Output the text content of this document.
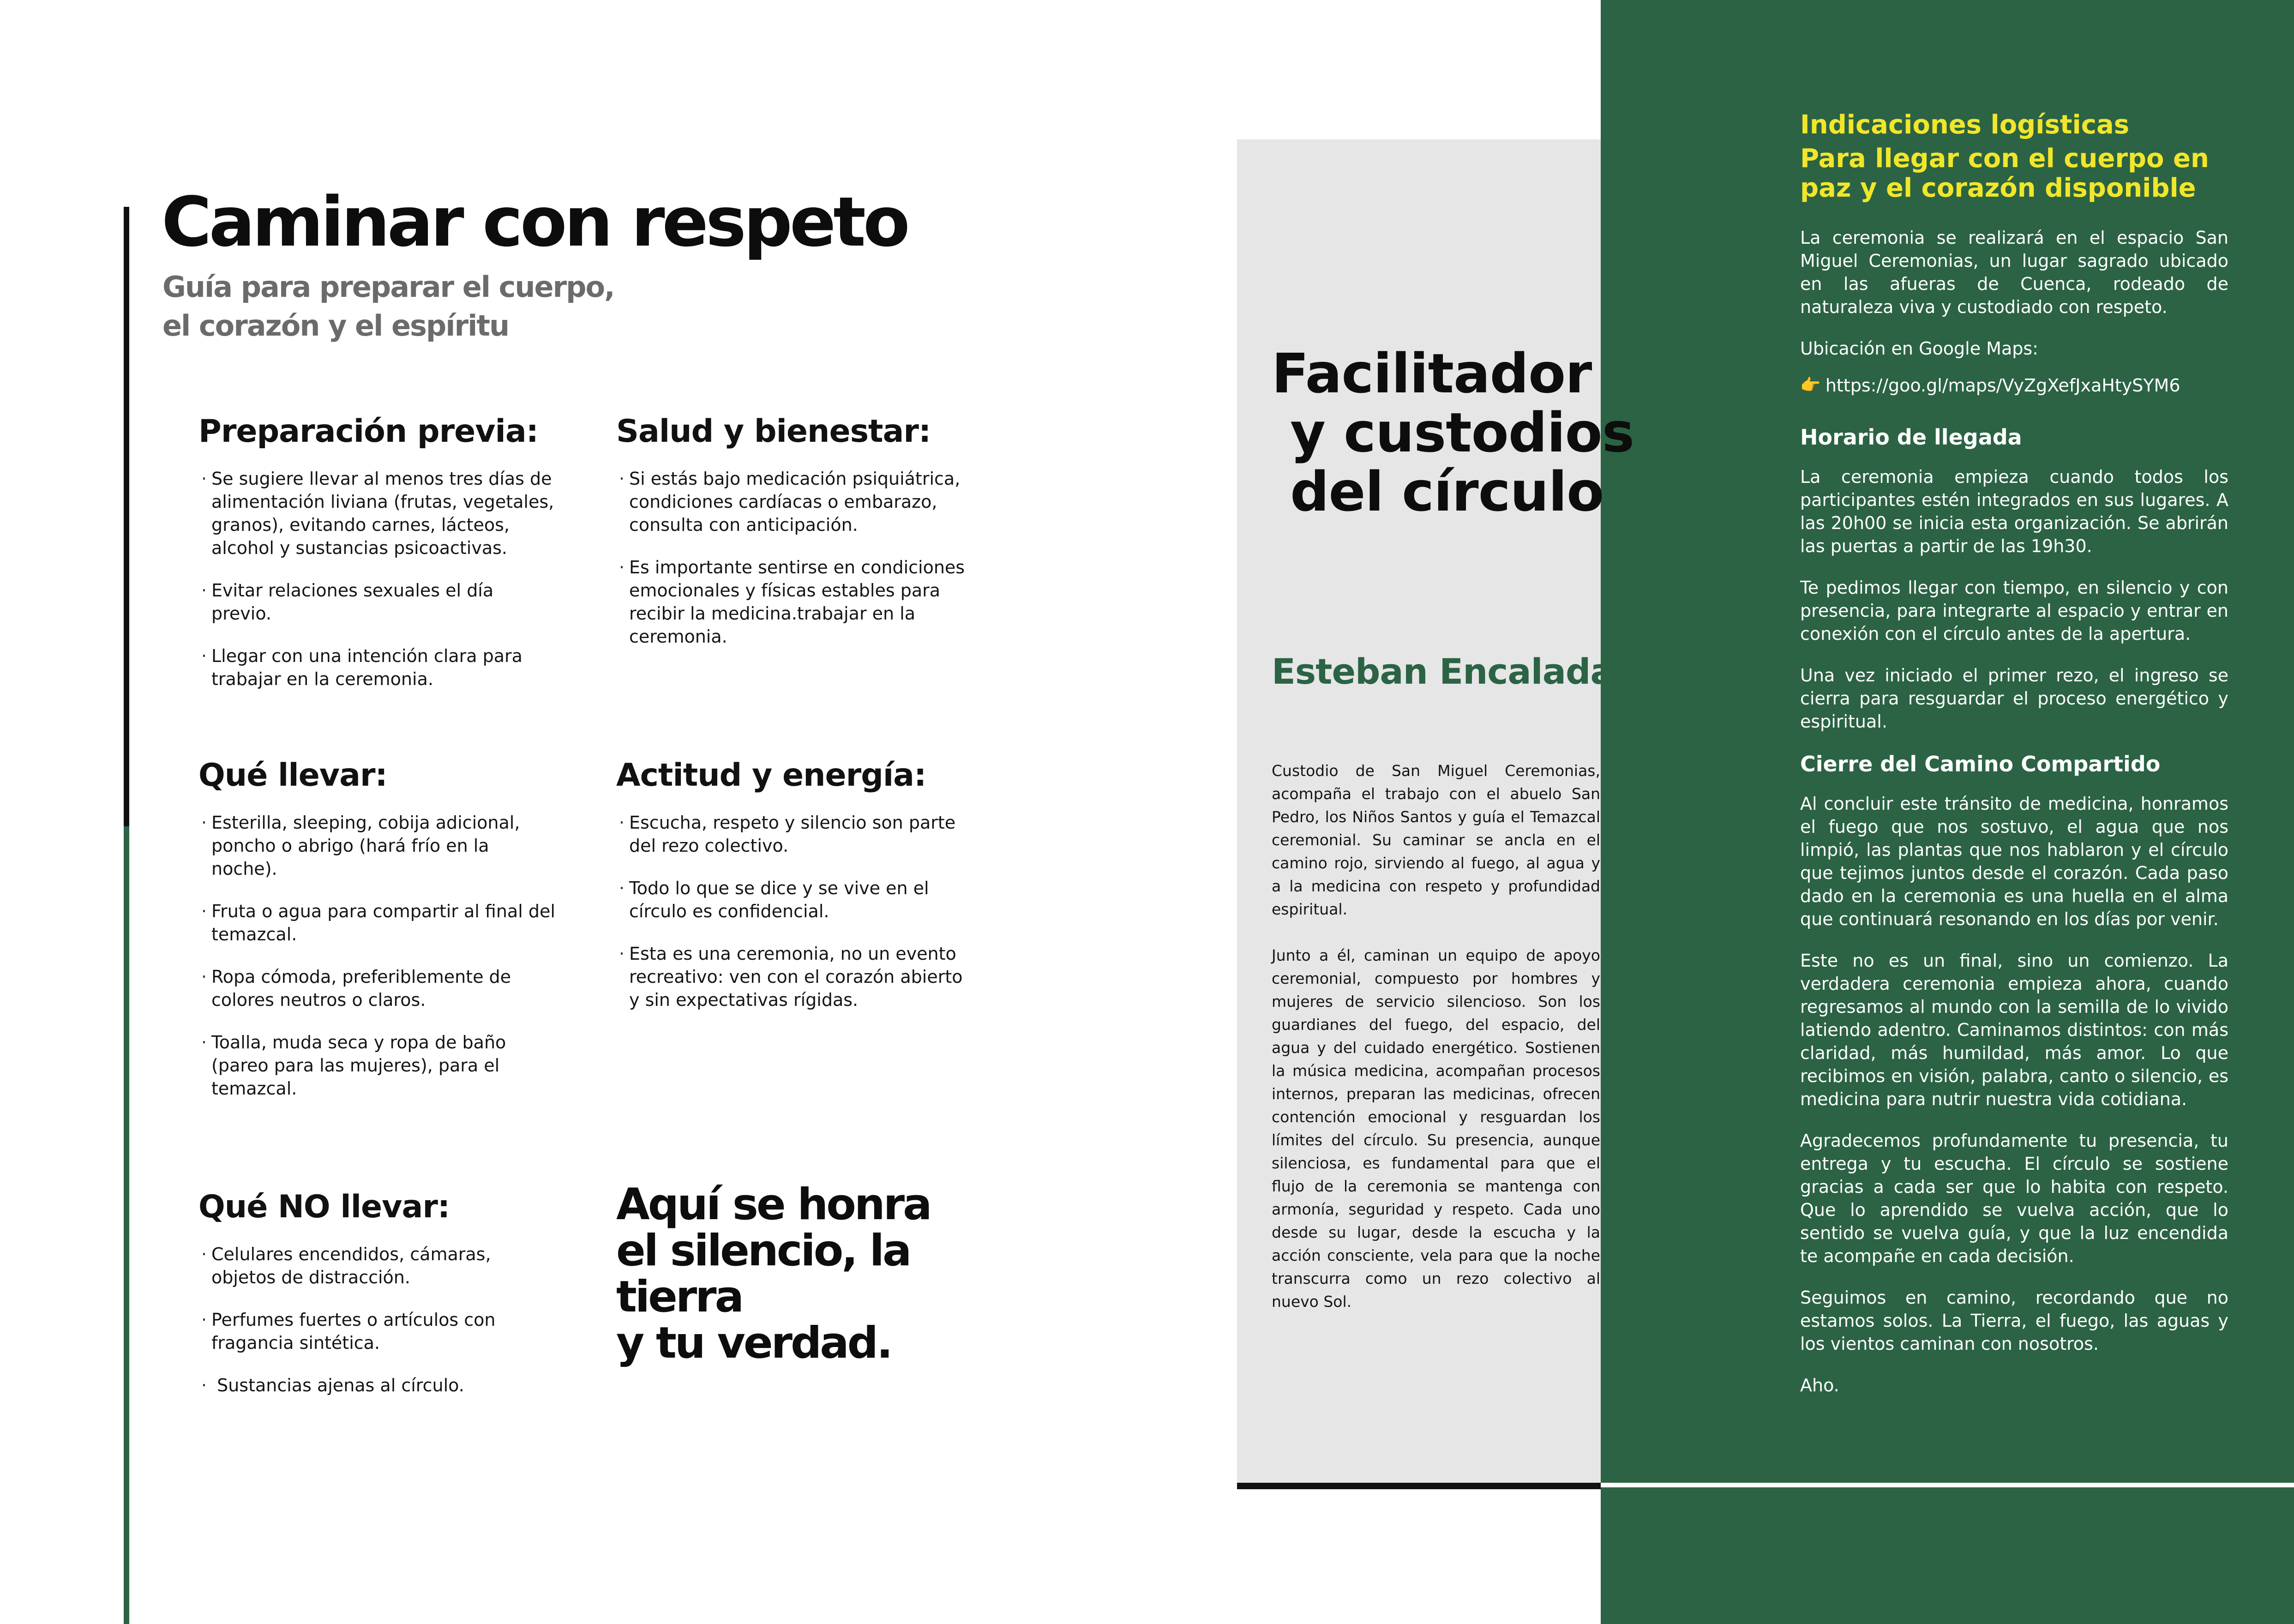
Caminar con respeto
Guía para preparar el cuerpo,
el corazón y el espíritu
Preparación previa:
· Se sugiere llevar al menos tres días de alimentación liviana (frutas, vegetales, granos), evitando carnes, lácteos, alcohol y sustancias psicoactivas.
· Evitar relaciones sexuales el día previo.
· Llegar con una intención clara para trabajar en la ceremonia.
Salud y bienestar:
· Si estás bajo medicación psiquiátrica, condiciones cardíacas o embarazo, consulta con anticipación.
· Es importante sentirse en condiciones emocionales y físicas estables para recibir la medicina.trabajar en la ceremonia.
Qué llevar:
· Esterilla, sleeping, cobija adicional, poncho o abrigo (hará frío en la noche).
· Fruta o agua para compartir al final del temazcal.
· Ropa cómoda, preferiblemente de colores neutros o claros.
· Toalla, muda seca y ropa de baño (pareo para las mujeres), para el temazcal.
Actitud y energía:
· Escucha, respeto y silencio son parte del rezo colectivo.
· Todo lo que se dice y se vive en el círculo es confidencial.
· Esta es una ceremonia, no un evento recreativo: ven con el corazón abierto y sin expectativas rígidas.
Qué NO llevar:
· Celulares encendidos, cámaras, objetos de distracción.
· Perfumes fuertes o artículos con fragancia sintética.
· Sustancias ajenas al círculo.
Aquí se honra
el silencio, la tierra
y tu verdad.
Facilitador
y custodios
del círculo
Esteban Encalada:

Custodio de San Miguel Ceremonias, acompaña el trabajo con el abuelo San Pedro, los Niños Santos y guía el Temazcal ceremonial. Su caminar se ancla en el camino rojo, sirviendo al fuego, al agua y a la medicina con respeto y profundidad espiritual.

Junto a él, caminan un equipo de apoyo ceremonial, compuesto por hombres y mujeres de servicio silencioso. Son los guardianes del fuego, del espacio, del agua y del cuidado energético. Sostienen la música medicina, acompañan procesos internos, preparan las medicinas, ofrecen contención emocional y resguardan los límites del círculo. Su presencia, aunque silenciosa, es fundamental para que el flujo de la ceremonia se mantenga con armonía, seguridad y respeto. Cada uno desde su lugar, desde la escucha y la acción consciente, vela para que la noche transcurra como un rezo colectivo al nuevo Sol.

Indicaciones logísticas
Para llegar con el cuerpo en
paz y el corazón disponible

La ceremonia se realizará en el espacio San Miguel Ceremonias, un lugar sagrado ubicado en las afueras de Cuenca, rodeado de naturaleza viva y custodiado con respeto.

Ubicación en Google Maps:

👉 https://goo.gl/maps/VyZgXefJxaHtySYM6
Horario de llegada

La ceremonia empieza cuando todos los participantes estén integrados en sus lugares. A las 20h00 se inicia esta organización. Se abrirán las puertas a partir de las 19h30.

Te pedimos llegar con tiempo, en silencio y con presencia, para integrarte al espacio y entrar en conexión con el círculo antes de la apertura.

Una vez iniciado el primer rezo, el ingreso se cierra para resguardar el proceso energético y espiritual.

Cierre del Camino Compartido

Al concluir este tránsito de medicina, honramos el fuego que nos sostuvo, el agua que nos limpió, las plantas que nos hablaron y el círculo que tejimos juntos desde el corazón. Cada paso dado en la ceremonia es una huella en el alma que continuará resonando en los días por venir.

Este no es un final, sino un comienzo. La verdadera ceremonia empieza ahora, cuando regresamos al mundo con la semilla de lo vivido latiendo adentro. Caminamos distintos: con más claridad, más humildad, más amor. Lo que recibimos en visión, palabra, canto o silencio, es medicina para nutrir nuestra vida cotidiana.

Agradecemos profundamente tu presencia, tu entrega y tu escucha. El círculo se sostiene gracias a cada ser que lo habita con respeto. Que lo aprendido se vuelva acción, que lo sentido se vuelva guía, y que la luz encendida te acompañe en cada decisión.

Seguimos en camino, recordando que no estamos solos. La Tierra, el fuego, las aguas y los vientos caminan con nosotros.

Aho.
